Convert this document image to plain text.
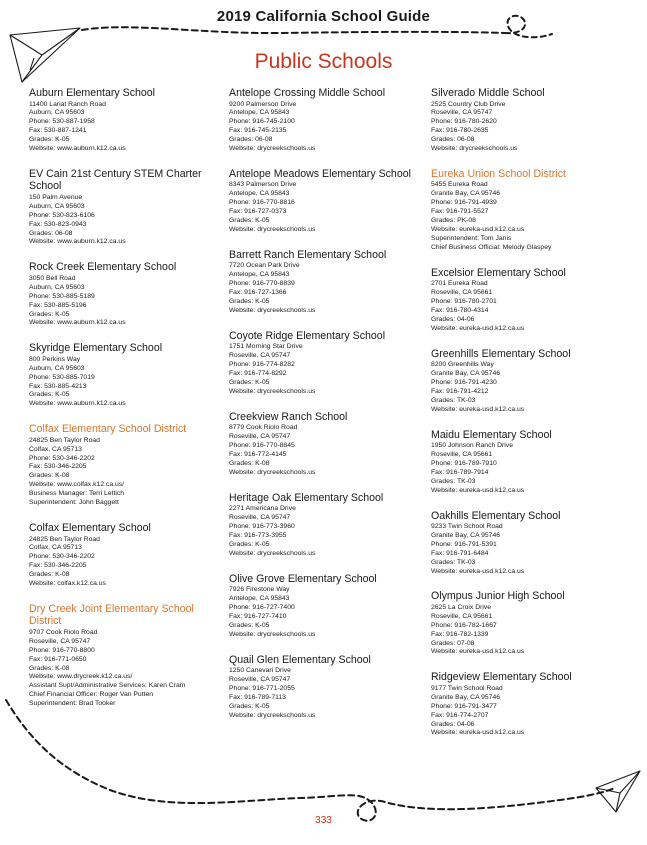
2019 California School Guide
Public Schools
Auburn Elementary School
11400 Lariat Ranch Road
Auburn, CA 95603
Phone: 530-887-1958
Fax: 530-887-1241
Grades: K-05
Website: www.auburn.k12.ca.us
EV Cain 21st Century STEM Charter School
150 Palm Avenue
Auburn, CA 95603
Phone: 530-823-6106
Fax: 530-823-0943
Grades: 06-08
Website: www.auburn.k12.ca.us
Rock Creek Elementary School
3050 Bell Road
Auburn, CA 95603
Phone: 530-885-5189
Fax: 530-885-5196
Grades: K-05
Website: www.auburn.k12.ca.us
Skyridge Elementary School
800 Perkins Way
Auburn, CA 95603
Phone: 530-885-7019
Fax: 530-885-4213
Grades: K-05
Website: www.auburn.k12.ca.us
Colfax Elementary School District
24825 Ben Taylor Road
Colfax, CA 95713
Phone: 530-346-2202
Fax: 530-346-2205
Grades: K-08
Website: www.colfax.k12.ca.us/
Business Manager: Terri Lettich
Superintendent: John Baggett
Colfax Elementary School
24825 Ben Taylor Road
Colfax, CA 95713
Phone: 530-346-2202
Fax: 530-346-2205
Grades: K-08
Website: colfax.k12.ca.us
Dry Creek Joint Elementary School District
9707 Cook Riolo Road
Roseville, CA 95747
Phone: 916-770-8800
Fax: 916-771-0650
Grades: K-08
Website: www.drycreek.k12.ca.us/
Assistant Supt/Administrative Services: Karen Cram
Chief Financial Officer: Roger Van Putten
Superintendent: Brad Tooker
Antelope Crossing Middle School
9200 Palmerson Drive
Antelope, CA 95843
Phone: 916-745-2100
Fax: 916-745-2135
Grades: 06-08
Website: drycreekschools.us
Antelope Meadows Elementary School
8343 Palmerson Drive
Antelope, CA 95843
Phone: 916-770-8816
Fax: 916-727-0373
Grades: K-05
Website: drycreekschools.us
Barrett Ranch Elementary School
7720 Ocean Park Drive
Antelope, CA 95843
Phone: 916-770-8839
Fax: 916-727-1366
Grades: K-05
Website: drycreekschools.us
Coyote Ridge Elementary School
1751 Morning Star Drive
Roseville, CA 95747
Phone: 916-774-8282
Fax: 916-774-8292
Grades: K-05
Website: drycreekschools.us
Creekview Ranch School
8779 Cook Riolo Road
Roseville, CA 95747
Phone: 916-770-8845
Fax: 916-772-4145
Grades: K-08
Website: drycreekschools.us
Heritage Oak Elementary School
2271 Americana Drive
Roseville, CA 95747
Phone: 916-773-3960
Fax: 916-773-3955
Grades: K-05
Website: drycreekschools.us
Olive Grove Elementary School
7926 Firestone Way
Antelope, CA 95843
Phone: 916-727-7400
Fax: 916-727-7410
Grades: K-05
Website: drycreekschools.us
Quail Glen Elementary School
1250 Canevari Drive
Roseville, CA 95747
Phone: 916-771-2055
Fax: 916-789-7113
Grades: K-05
Website: drycreekschools.us
Silverado Middle School
2525 Country Club Drive
Roseville, CA 95747
Phone: 916-780-2620
Fax: 916-780-2635
Grades: 06-08
Website: drycreekschools.us
Eureka Union School District
5455 Eureka Road
Granite Bay, CA 95746
Phone: 916-791-4939
Fax: 916-791-5527
Grades: PK-08
Website: eureka-usd.k12.ca.us
Superintendent: Tom Janis
Chief Business Official: Melody Glaspey
Excelsior Elementary School
2701 Eureka Road
Roseville, CA 95661
Phone: 916-780-2701
Fax: 916-780-4314
Grades: 04-06
Website: eureka-usd.k12.ca.us
Greenhills Elementary School
8200 Greenhills Way
Granite Bay, CA 95746
Phone: 916-791-4230
Fax: 916-791-4212
Grades: TK-03
Website: eureka-usd.k12.ca.us
Maidu Elementary School
1950 Johnson Ranch Drive
Roseville, CA 95661
Phone: 916-789-7910
Fax: 916-789-7914
Grades: TK-03
Website: eureka-usd.k12.ca.us
Oakhills Elementary School
9233 Twin School Road
Granite Bay, CA 95746
Phone: 916-791-5391
Fax: 916-791-6484
Grades: TK-03
Website: eureka-usd.k12.ca.us
Olympus Junior High School
2625 La Croix Drive
Roseville, CA 95661
Phone: 916-782-1667
Fax: 916-782-1339
Grades: 07-08
Website: eureka-usd.k12.ca.us
Ridgeview Elementary School
9177 Twin School Road
Granite Bay, CA 95746
Phone: 916-791-3477
Fax: 916-774-2707
Grades: 04-06
Website: eureka-usd.k12.ca.us
333
